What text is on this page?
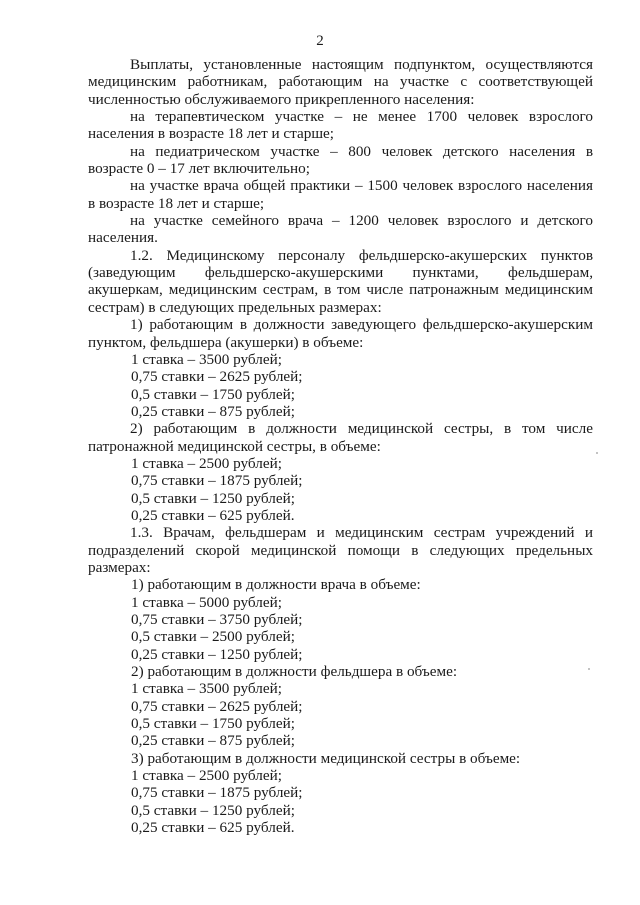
2

Выплаты, установленные настоящим подпунктом, осуществляются медицинским работникам, работающим на участке с соответствующей численностью обслуживаемого прикрепленного населения:

на терапевтическом участке – не менее 1700 человек взрослого населения в возрасте 18 лет и старше;

на педиатрическом участке – 800 человек детского населения в возрасте 0 – 17 лет включительно;

на участке врача общей практики – 1500 человек взрослого населения в возрасте 18 лет и старше;

на участке семейного врача – 1200 человек взрослого и детского населения.

1.2. Медицинскому персоналу фельдшерско-акушерских пунктов (заведующим фельдшерско-акушерскими пунктами, фельдшерам, акушеркам, медицинским сестрам, в том числе патронажным медицинским сестрам) в следующих предельных размерах:

1) работающим в должности заведующего фельдшерско-акушерским пунктом, фельдшера (акушерки) в объеме:

1 ставка – 3500 рублей;

0,75 ставки – 2625 рублей;

0,5 ставки – 1750 рублей;

0,25 ставки – 875 рублей;

2) работающим в должности медицинской сестры, в том числе патронажной медицинской сестры, в объеме:

1 ставка – 2500 рублей;

0,75 ставки – 1875 рублей;

0,5 ставки – 1250 рублей;

0,25 ставки – 625 рублей.

1.3. Врачам, фельдшерам и медицинским сестрам учреждений и подразделений скорой медицинской помощи в следующих предельных размерах:

1) работающим в должности врача в объеме:

1 ставка – 5000 рублей;

0,75 ставки – 3750 рублей;

0,5 ставки – 2500 рублей;

0,25 ставки – 1250 рублей;

2) работающим в должности фельдшера в объеме:

1 ставка – 3500 рублей;

0,75 ставки – 2625 рублей;

0,5 ставки – 1750 рублей;

0,25 ставки – 875 рублей;

3) работающим в должности медицинской сестры в объеме:

1 ставка – 2500 рублей;

0,75 ставки – 1875 рублей;

0,5 ставки – 1250 рублей;

0,25 ставки – 625 рублей.
